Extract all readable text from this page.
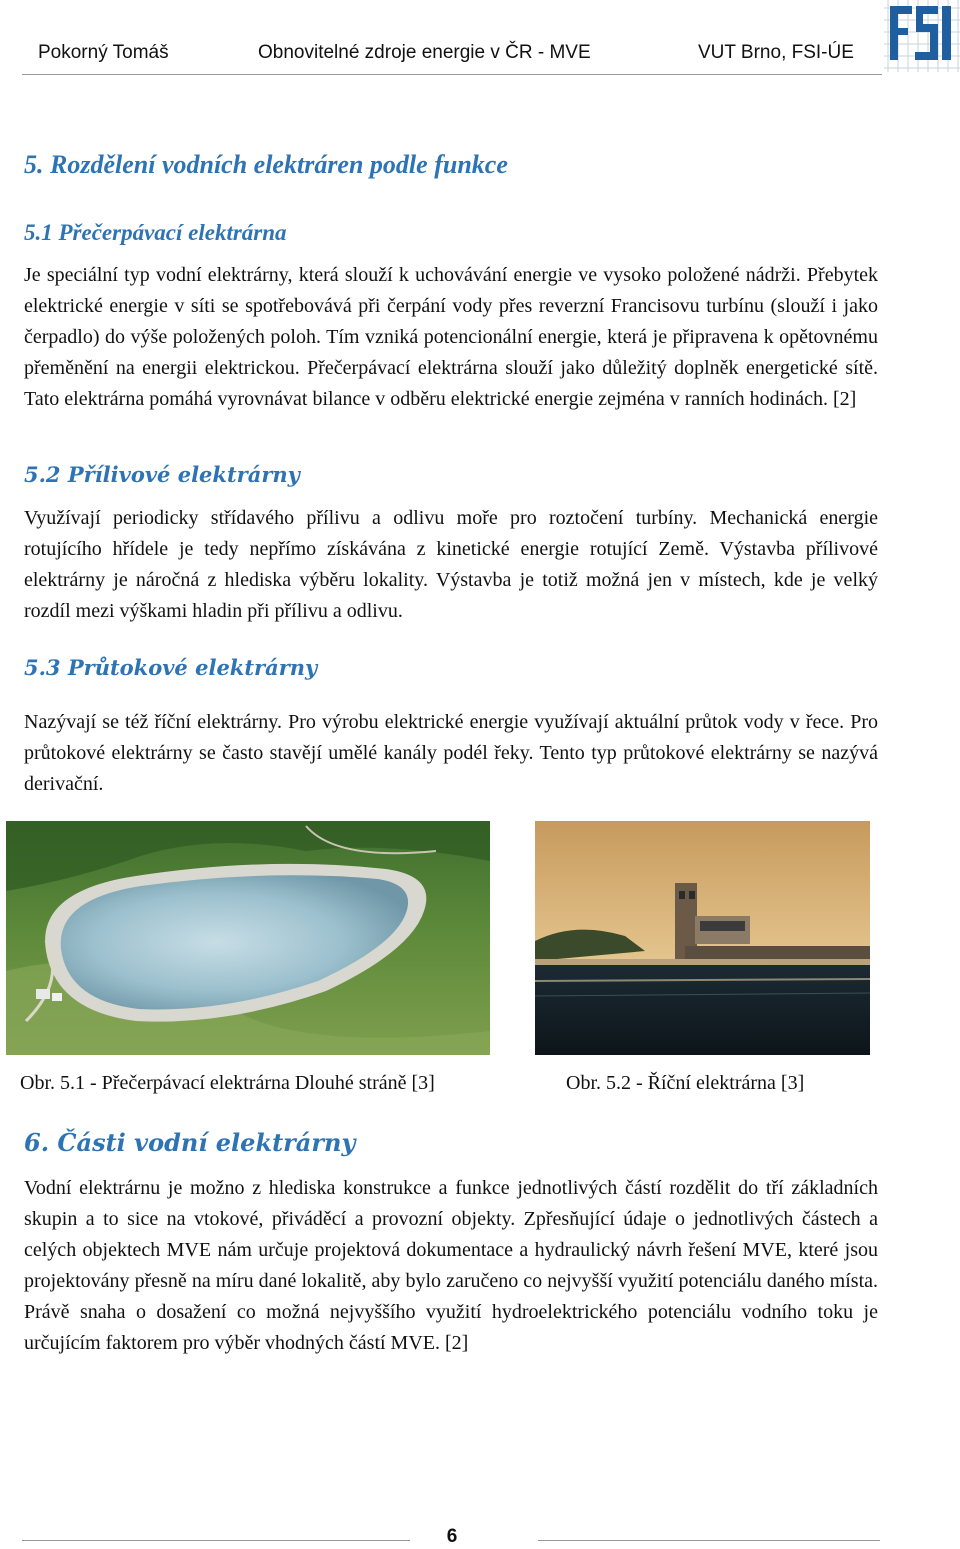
Pokorný Tomáš	Obnovitelné zdroje energie v ČR - MVE	VUT Brno, FSI-ÚE
5. Rozdělení vodních elektráren podle funkce
5.1 Přečerpávací elektrárna

Je speciální typ vodní elektrárny, která slouží k uchovávání energie ve vysoko položené nádrži. Přebytek elektrické energie v síti se spotřebovává při čerpání vody přes reverzní Francisovu turbínu (slouží i jako čerpadlo) do výše položených poloh. Tím vzniká potencionální energie, která je připravena k opětovnému přeměnění na energii elektrickou. Přečerpávací elektrárna slouží jako důležitý doplněk energetické sítě. Tato elektrárna pomáhá vyrovnávat bilance v odběru elektrické energie zejména v ranních hodinách. [2]

5.2 Přílivové elektrárny

Využívají periodicky střídavého přílivu a odlivu moře pro roztočení turbíny. Mechanická energie rotujícího hřídele je tedy nepřímo získávána z kinetické energie rotující Země. Výstavba přílivové elektrárny je náročná z hlediska výběru lokality. Výstavba je totiž možná jen v místech, kde je velký rozdíl mezi výškami hladin při přílivu a odlivu.

5.3 Průtokové elektrárny

Nazývají se též říční elektrárny. Pro výrobu elektrické energie využívají aktuální průtok vody v řece. Pro průtokové elektrárny se často stavějí umělé kanály podél řeky. Tento typ průtokové elektrárny se nazývá derivační.

Obr. 5.1 - Přečerpávací elektrárna Dlouhé stráně [3]	Obr. 5.2 - Říční elektrárna [3]

6. Části vodní elektrárny

Vodní elektrárnu je možno z hlediska konstrukce a funkce jednotlivých částí rozdělit do tří základních skupin a to sice na vtokové, přiváděcí a provozní objekty. Zpřesňující údaje o jednotlivých částech a celých objektech MVE nám určuje projektová dokumentace a hydraulický návrh řešení MVE, které jsou projektovány přesně na míru dané lokalitě, aby bylo zaručeno co nejvyšší využití potenciálu daného místa. Právě snaha o dosažení co možná nejvyššího využití hydroelektrického potenciálu vodního toku je určujícím faktorem pro výběr vhodných částí MVE. [2]

6
